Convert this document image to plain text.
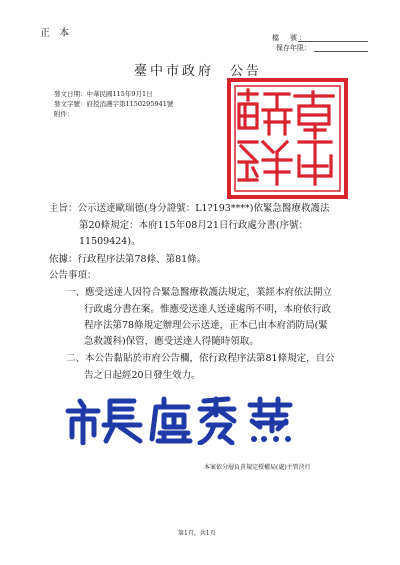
正 本	檔　號：
保存年限：
臺中市政府　公告
發文日期：中華民國115年9月1日
發文字號：府授消護字第1150295941號
附件：
主旨：公示送達歐瑞德(身分證號：L1?193****)依緊急醫療救護法
第20條規定：本府115年08月21日行政處分書(序號：
11509424)。
依據：行政程序法第78條、第81條。
公告事項：
一、應受送達人因符合緊急醫療救護法規定，業經本府依法開立
行政處分書在案。惟應受送達人送達處所不明，本府依行政
程序法第78條規定辦理公示送達，正本已由本府消防局(緊
急救護科)保管，應受送達人得隨時領取。
二、本公告黏貼於市府公告欄，依行政程序法第81條規定，自公
告之日起經20日發生效力。
本案依分層負責規定授權局(處)主管決行
第1頁，共1頁
